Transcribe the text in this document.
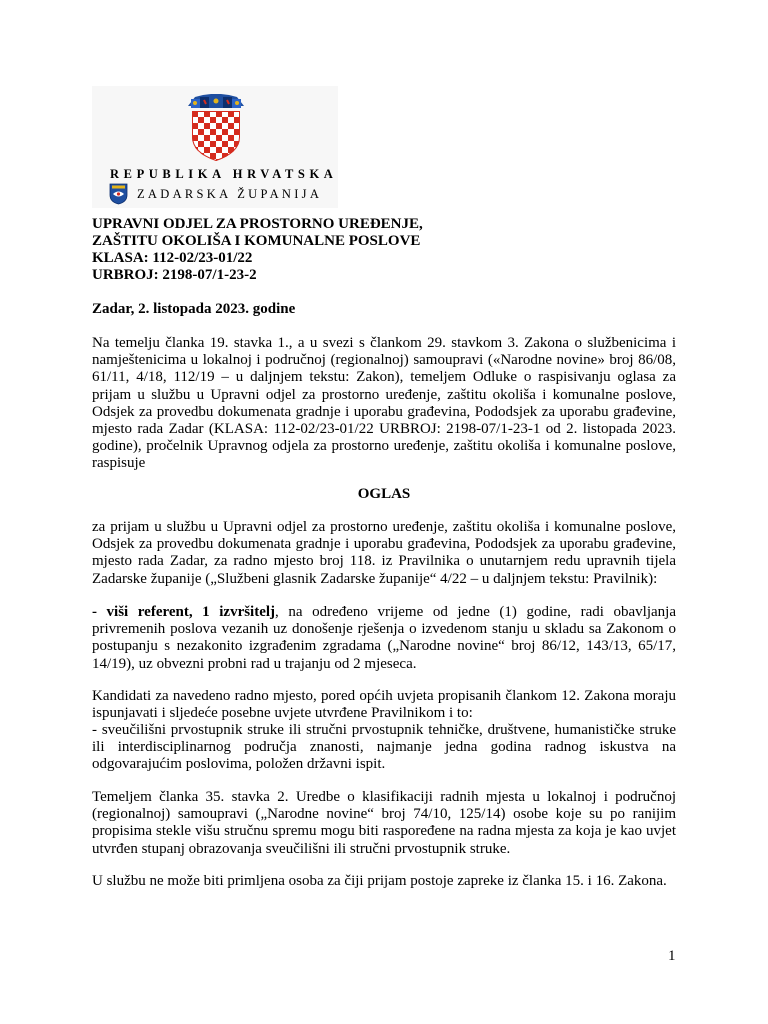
REPUBLIKA HRVATSKA
ZADARSKA ŽUPANIJA
UPRAVNI ODJEL ZA PROSTORNO UREĐENJE,
ZAŠTITU OKOLIŠA I KOMUNALNE POSLOVE
KLASA: 112-02/23-01/22
URBROJ: 2198-07/1-23-2
Zadar, 2. listopada 2023. godine

Na temelju članka 19. stavka 1., a u svezi s člankom 29. stavkom 3. Zakona o službenicima i namještenicima u lokalnoj i područnoj (regionalnoj) samoupravi («Narodne novine» broj 86/08, 61/11, 4/18, 112/19 – u daljnjem tekstu: Zakon), temeljem Odluke o raspisivanju oglasa za prijam u službu u Upravni odjel za prostorno uređenje, zaštitu okoliša i komunalne poslove, Odsjek za provedbu dokumenata gradnje i uporabu građevina, Pododsjek za uporabu građevine, mjesto rada Zadar (KLASA: 112-02/23-01/22 URBROJ: 2198-07/1-23-1 od 2. listopada 2023. godine), pročelnik Upravnog odjela za prostorno uređenje, zaštitu okoliša i komunalne poslove, raspisuje

OGLAS

za prijam u službu u Upravni odjel za prostorno uređenje, zaštitu okoliša i komunalne poslove, Odsjek za provedbu dokumenata gradnje i uporabu građevina, Pododsjek za uporabu građevine, mjesto rada Zadar, za radno mjesto broj 118. iz Pravilnika o unutarnjem redu upravnih tijela Zadarske županije („Službeni glasnik Zadarske županije“ 4/22 – u daljnjem tekstu: Pravilnik):

- viši referent, 1 izvršitelj, na određeno vrijeme od jedne (1) godine, radi obavljanja privremenih poslova vezanih uz donošenje rješenja o izvedenom stanju u skladu sa Zakonom o postupanju s nezakonito izgrađenim zgradama („Narodne novine“ broj 86/12, 143/13, 65/17, 14/19), uz obvezni probni rad u trajanju od 2 mjeseca.

Kandidati za navedeno radno mjesto, pored općih uvjeta propisanih člankom 12. Zakona moraju ispunjavati i sljedeće posebne uvjete utvrđene Pravilnikom i to:

- sveučilišni prvostupnik struke ili stručni prvostupnik tehničke, društvene, humanističke struke ili interdisciplinarnog područja znanosti, najmanje jedna godina radnog iskustva na odgovarajućim poslovima, položen državni ispit.

Temeljem članka 35. stavka 2. Uredbe o klasifikaciji radnih mjesta u lokalnoj i područnoj (regionalnoj) samoupravi („Narodne novine“ broj 74/10, 125/14) osobe koje su po ranijim propisima stekle višu stručnu spremu mogu biti raspoređene na radna mjesta za koja je kao uvjet utvrđen stupanj obrazovanja sveučilišni ili stručni prvostupnik struke.

U službu ne može biti primljena osoba za čiji prijam postoje zapreke iz članka 15. i 16. Zakona.

1
